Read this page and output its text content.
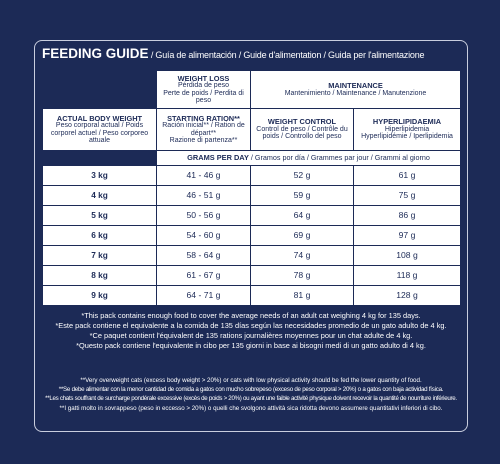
FEEDING GUIDE / Guía de alimentación / Guide d'alimentation / Guida per l'alimentazione

	WEIGHT LOSS
Pérdida de peso
Perte de poids / Perdita di peso	MAINTENANCE
Mantenimiento / Maintenance / Manutenzione	

ACTUAL BODY WEIGHT
Peso corporal actual / Poids corporel actuel / Peso corporeo attuale	STARTING RATION**
Ración inicial** / Ration de départ**
Razione di partenza**	WEIGHT CONTROL
Control de peso / Contrôle du poids / Controllo del peso	HYPERLIPIDAEMIA
Hiperlipidemia
Hyperlipidémie / Iperlipidemia
	GRAMS PER DAY / Gramos por día / Grammes par jour / Grammi al giorno		
3 kg	41 - 46 g	52 g	61 g
4 kg	46 - 51 g	59 g	75 g
5 kg	50 - 56 g	64 g	86 g
6 kg	54 - 60 g	69 g	97 g
7 kg	58 - 64 g	74 g	108 g
8 kg	61 - 67 g	78 g	118 g
9 kg	64 - 71 g	81 g	128 g
*This pack contains enough food to cover the average needs of an adult cat weighing 4 kg for 135 days.
*Este pack contiene el equivalente a la comida de 135 días según las necesidades promedio de un gato adulto de 4 kg.
*Ce paquet contient l'équivalent de 135 rations journalières moyennes pour un chat adulte de 4 kg.
*Questo pack contiene l'equivalente in cibo per 135 giorni in base ai bisogni medi di un gatto adulto di 4 kg.
**Very overweight cats (excess body weight > 20%) or cats with low physical activity should be fed the lower quantity of food.
**Se debe alimentar con la menor cantidad de comida a gatos con mucho sobrepeso (exceso de peso corporal > 20%) o a gatos con baja actividad física.
**Les chats souffrant de surcharge pondérale excessive (excès de poids > 20%) ou ayant une faible activité physique doivent recevoir la quantité de nourriture inférieure.
**I gatti molto in sovrappeso (peso in eccesso > 20%) o quelli che svolgono attività sica ridotta devono assumere quantitativi inferiori di cibo.
